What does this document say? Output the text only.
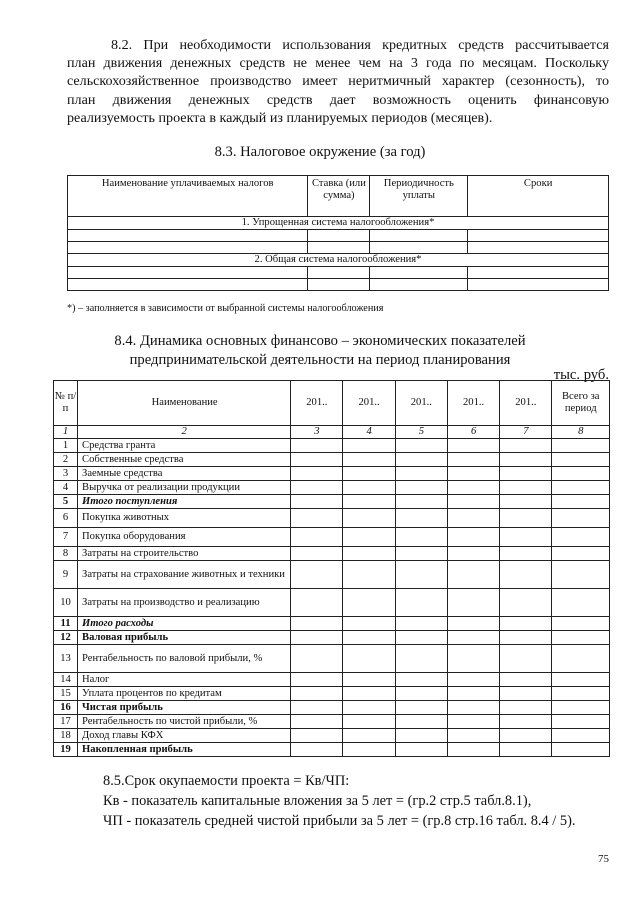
8.2. При необходимости использования кредитных средств рассчитывается
план движения денежных средств не менее чем на 3 года по месяцам. Поскольку
сельскохозяйственное производство имеет неритмичный характер (сезонность), то
план движения денежных средств дает возможность оценить финансовую
реализуемость проекта в каждый из планируемых периодов (месяцев).
8.3. Налоговое окружение (за год)
Наименование уплачиваемых налогов	Ставка (или сумма)	Периодичность уплаты	Сроки
1. Упрощенная система налогообложения*			

2. Общая система налогообложения*			

*) – заполняется в зависимости от выбранной системы налогообложения
8.4. Динамика основных финансово – экономических показателей
предпринимательской деятельности на период планирования
тыс. руб.
№ п/п	Наименование	201..	201..	201..	201..	201..	Всего за период
1	2	3	4	5	6	7	8
1	Средства гранта						
2	Собственные средства						
3	Заемные средства						
4	Выручка от реализации продукции						
5	Итого поступления						
6	Покупка животных						
7	Покупка оборудования						
8	Затраты на строительство						
9	Затраты на страхование животных и техники						
10	Затраты на производство и реализацию						
11	Итого расходы						
12	Валовая прибыль						
13	Рентабельность по валовой прибыли, %						
14	Налог						
15	Уплата процентов по кредитам						
16	Чистая прибыль						
17	Рентабельность по чистой прибыли, %						
18	Доход главы КФХ						
19	Накопленная прибыль						
8.5.Срок окупаемости проекта = Кв/ЧП:
Кв - показатель капитальные вложения за 5 лет = (гр.2 стр.5 табл.8.1),
ЧП - показатель средней чистой прибыли за 5 лет = (гр.8 стр.16 табл. 8.4 / 5).
75
